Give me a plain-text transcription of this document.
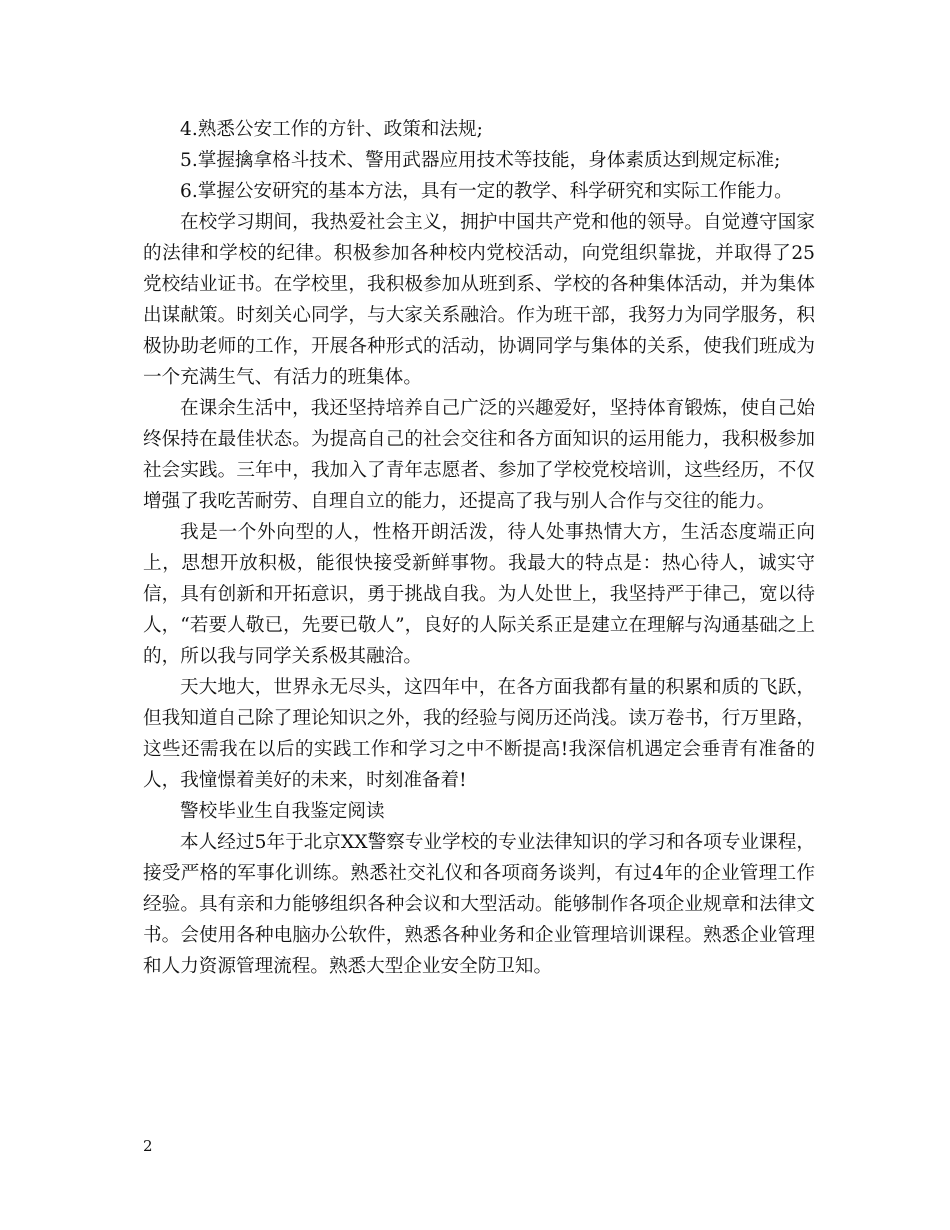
4.熟悉公安工作的方针、政策和法规;

5.掌握擒拿格斗技术、警用武器应用技术等技能，身体素质达到规定标准;

6.掌握公安研究的基本方法，具有一定的教学、科学研究和实际工作能力。

在校学习期间，我热爱社会主义，拥护中国共产党和他的领导。自觉遵守国家的法律和学校的纪律。积极参加各种校内党校活动，向党组织靠拢，并取得了25党校结业证书。在学校里，我积极参加从班到系、学校的各种集体活动，并为集体出谋献策。时刻关心同学，与大家关系融洽。作为班干部，我努力为同学服务，积极协助老师的工作，开展各种形式的活动，协调同学与集体的关系，使我们班成为一个充满生气、有活力的班集体。

在课余生活中，我还坚持培养自己广泛的兴趣爱好，坚持体育锻炼，使自己始终保持在最佳状态。为提高自己的社会交往和各方面知识的运用能力，我积极参加社会实践。三年中，我加入了青年志愿者、参加了学校党校培训，这些经历，不仅增强了我吃苦耐劳、自理自立的能力，还提高了我与别人合作与交往的能力。

我是一个外向型的人，性格开朗活泼，待人处事热情大方，生活态度端正向上，思想开放积极，能很快接受新鲜事物。我最大的特点是：热心待人，诚实守信，具有创新和开拓意识，勇于挑战自我。为人处世上，我坚持严于律己，宽以待人，“若要人敬已，先要已敬人”，良好的人际关系正是建立在理解与沟通基础之上的，所以我与同学关系极其融洽。

天大地大，世界永无尽头，这四年中，在各方面我都有量的积累和质的飞跃，但我知道自己除了理论知识之外，我的经验与阅历还尚浅。读万卷书，行万里路，这些还需我在以后的实践工作和学习之中不断提高!我深信机遇定会垂青有准备的人，我憧憬着美好的未来，时刻准备着!

警校毕业生自我鉴定阅读

本人经过5年于北京XX警察专业学校的专业法律知识的学习和各项专业课程，接受严格的军事化训练。熟悉社交礼仪和各项商务谈判，有过4年的企业管理工作经验。具有亲和力能够组织各种会议和大型活动。能够制作各项企业规章和法律文书。会使用各种电脑办公软件，熟悉各种业务和企业管理培训课程。熟悉企业管理和人力资源管理流程。熟悉大型企业安全防卫知。

2
